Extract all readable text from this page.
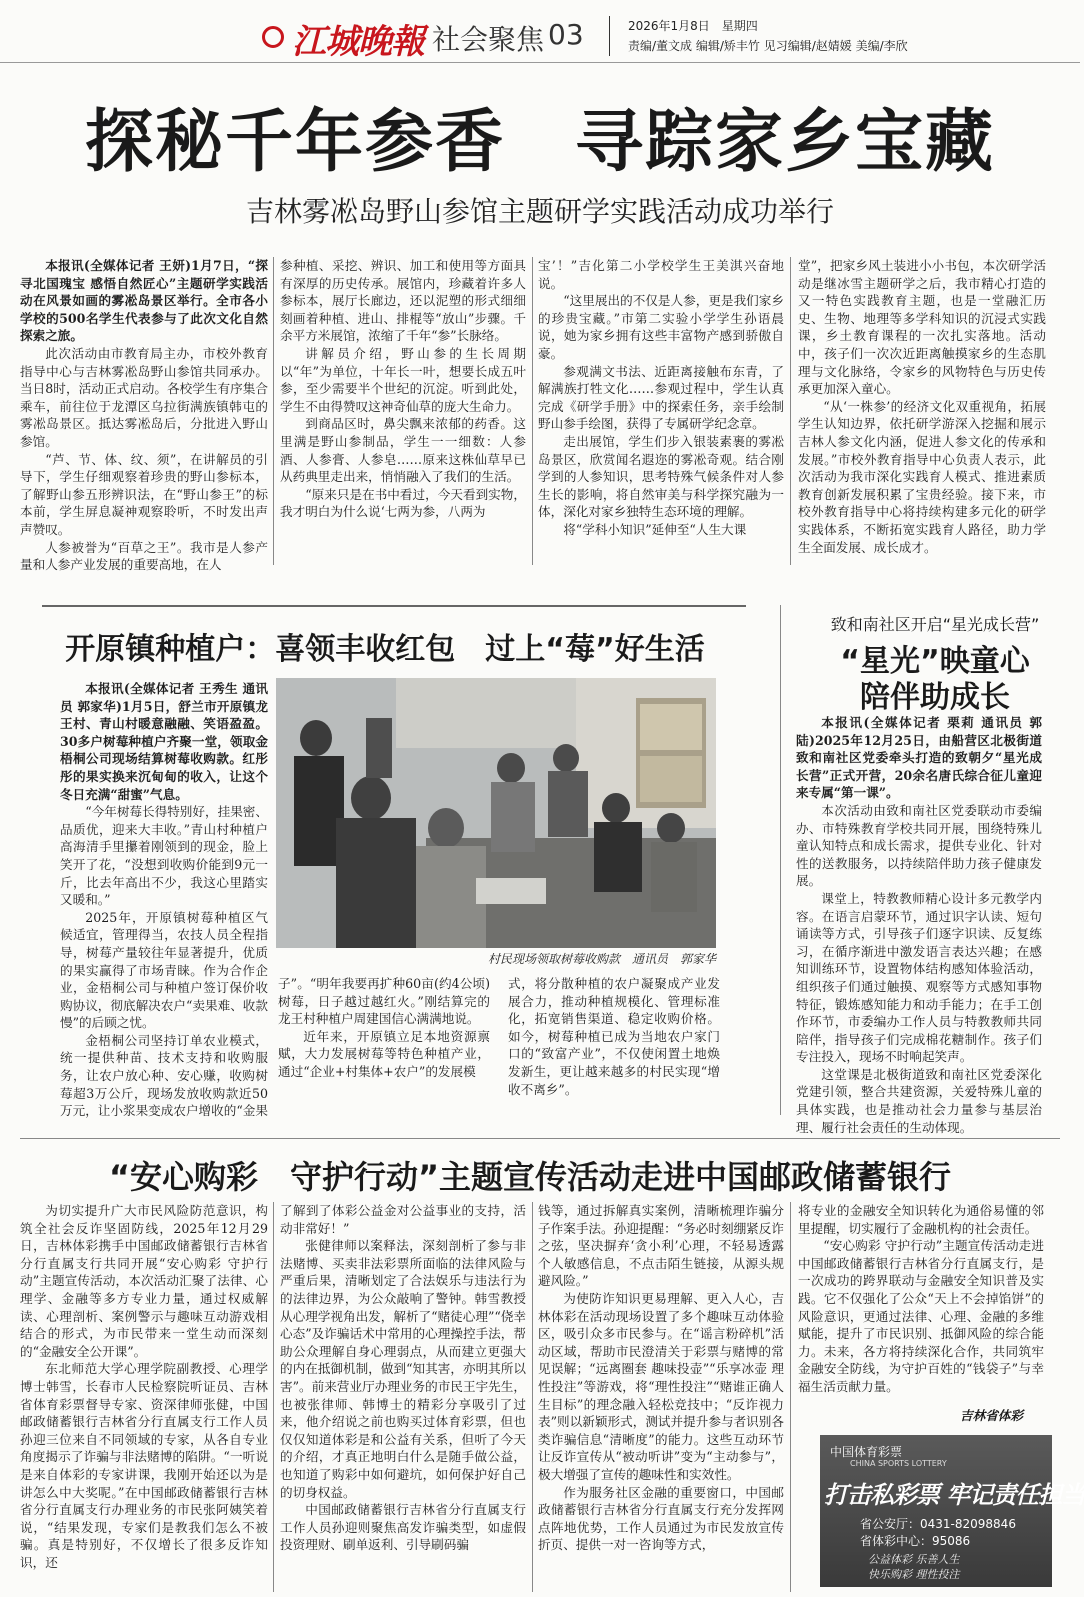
江城晚報 社会聚焦 03	2026年1月8日　星期四
责编/董文成 编辑/矫丰竹 见习编辑/赵婧媛 美编/李欣
探秘千年参香　寻踪家乡宝藏
吉林雾凇岛野山参馆主题研学实践活动成功举行

本报讯(全媒体记者 王妍)1月7日，“探寻北国瑰宝 感悟自然匠心”主题研学实践活动在风景如画的雾凇岛景区举行。全市各小学校的500名学生代表参与了此次文化自然探索之旅。

此次活动由市教育局主办，市校外教育指导中心与吉林雾凇岛野山参馆共同承办。当日8时，活动正式启动。各校学生有序集合乘车，前往位于龙潭区乌拉街满族镇韩屯的雾凇岛景区。抵达雾凇岛后，分批进入野山参馆。

“芦、节、体、纹、须”，在讲解员的引导下，学生仔细观察着珍贵的野山参标本，了解野山参五形辨识法，在“野山参王”的标本前，学生屏息凝神观察聆听，不时发出声声赞叹。

人参被誉为“百草之王”。我市是人参产量和人参产业发展的重要高地，在人

参种植、采挖、辨识、加工和使用等方面具有深厚的历史传承。展馆内，珍藏着许多人参标本，展厅长廊边，还以泥塑的形式细细刻画着种植、进山、排棍等“放山”步骤。千余平方米展馆，浓缩了千年“参”长脉络。

讲解员介绍，野山参的生长周期以“年”为单位，十年长一叶，想要长成五叶参，至少需要半个世纪的沉淀。听到此处，学生不由得赞叹这神奇仙草的庞大生命力。

到商品区时，鼻尖飘来浓郁的药香。这里满是野山参制品，学生一一细数：人参酒、人参膏、人参皂……原来这株仙草早已从药典里走出来，悄悄融入了我们的生活。

“原来只是在书中看过，今天看到实物，我才明白为什么说‘七两为参，八两为

宝’！”吉化第二小学校学生王美淇兴奋地说。

“这里展出的不仅是人参，更是我们家乡的珍贵宝藏。”市第二实验小学学生孙语晨说，她为家乡拥有这些丰富物产感到骄傲自豪。

参观满文书法、近距离接触布东青，了解满族打牲文化……参观过程中，学生认真完成《研学手册》中的探索任务，亲手绘制野山参手绘图，获得了专属研学纪念章。

走出展馆，学生们步入银装素裹的雾凇岛景区，欣赏闻名遐迩的雾凇奇观。结合刚学到的人参知识，思考特殊气候条件对人参生长的影响，将自然审美与科学探究融为一体，深化对家乡独特生态环境的理解。

将“学科小知识”延伸至“人生大课

堂”，把家乡风土装进小小书包，本次研学活动是继冰雪主题研学之后，我市精心打造的又一特色实践教育主题，也是一堂融汇历史、生物、地理等多学科知识的沉浸式实践课，乡土教育课程的一次扎实落地。活动中，孩子们一次次近距离触摸家乡的生态肌理与文化脉络，令家乡的风物特色与历史传承更加深入童心。

“从‘一株参’的经济文化双重视角，拓展学生认知边界，依托研学游深入挖掘和展示吉林人参文化内涵，促进人参文化的传承和发展。”市校外教育指导中心负责人表示，此次活动为我市深化实践育人模式、推进素质教育创新发展积累了宝贵经验。接下来，市校外教育指导中心将持续构建多元化的研学实践体系，不断拓宽实践育人路径，助力学生全面发展、成长成才。

开原镇种植户：喜领丰收红包　过上“莓”好生活

本报讯(全媒体记者 王秀生 通讯员 郭家华)1月5日，舒兰市开原镇龙王村、青山村暖意融融、笑语盈盈。30多户树莓种植户齐聚一堂，领取金梧桐公司现场结算树莓收购款。红彤彤的果实换来沉甸甸的收入，让这个冬日充满“甜蜜”气息。

“今年树莓长得特别好，挂果密、品质优，迎来大丰收。”青山村种植户高海清手里攥着刚领到的现金，脸上笑开了花，“没想到收购价能到9元一斤，比去年高出不少，我这心里踏实又暖和。”

2025年，开原镇树莓种植区气候适宜，管理得当，农技人员全程指导，树莓产量较往年显著提升，优质的果实赢得了市场青睐。作为合作企业，金梧桐公司与种植户签订保价收购协议，彻底解决农户“卖果难、收款慢”的后顾之忧。

金梧桐公司坚持订单农业模式，统一提供种苗、技术支持和收购服务，让农户放心种、安心赚，收购树莓超3万公斤，现场发放收购款近50万元，让小浆果变成农户增收的“金果

村民现场领取树莓收购款　通讯员　郭家华

子”。“明年我要再扩种60亩(约4公顷)树莓，日子越过越红火。”刚结算完的龙王村种植户周建国信心满满地说。

近年来，开原镇立足本地资源禀赋，大力发展树莓等特色种植产业，通过“企业+村集体+农户”的发展模

式，将分散种植的农户凝聚成产业发展合力，推动种植规模化、管理标准化，拓宽销售渠道、稳定收购价格。如今，树莓种植已成为当地农户家门口的“致富产业”，不仅使闲置土地焕发新生，更让越来越多的村民实现“增收不离乡”。

致和南社区开启“星光成长营”
“星光”映童心
陪伴助成长

本报讯(全媒体记者 栗莉 通讯员 郭陆)2025年12月25日，由船营区北极街道致和南社区党委牵头打造的致朝夕“星光成长营”正式开营，20余名唐氏综合征儿童迎来专属“第一课”。

本次活动由致和南社区党委联动市委编办、市特殊教育学校共同开展，围绕特殊儿童认知特点和成长需求，提供专业化、针对性的送教服务，以持续陪伴助力孩子健康发展。

课堂上，特教教师精心设计多元教学内容。在语言启蒙环节，通过识字认读、短句诵读等方式，引导孩子们逐字识读、反复练习，在循序渐进中激发语言表达兴趣；在感知训练环节，设置物体结构感知体验活动，组织孩子们通过触摸、观察等方式感知事物特征，锻炼感知能力和动手能力；在手工创作环节，市委编办工作人员与特教教师共同陪伴，指导孩子们完成棉花糖制作。孩子们专注投入，现场不时响起笑声。

这堂课是北极街道致和南社区党委深化党建引领，整合共建资源，关爱特殊儿童的具体实践，也是推动社会力量参与基层治理、履行社会责任的生动体现。

“安心购彩　守护行动”主题宣传活动走进中国邮政储蓄银行

为切实提升广大市民风险防范意识，构筑全社会反诈坚固防线，2025年12月29日，吉林体彩携手中国邮政储蓄银行吉林省分行直属支行共同开展“安心购彩 守护行动”主题宣传活动，本次活动汇聚了法律、心理学、金融等多方专业力量，通过权威解读、心理剖析、案例警示与趣味互动游戏相结合的形式，为市民带来一堂生动而深刻的“金融安全公开课”。

东北师范大学心理学院副教授、心理学博士韩雪，长春市人民检察院听证员、吉林省体育彩票督导专家、资深律师张健，中国邮政储蓄银行吉林省分行直属支行工作人员孙迎三位来自不同领域的专家，从各自专业角度揭示了诈骗与非法赌博的陷阱。“一听说是来自体彩的专家讲课，我刚开始还以为是讲怎么中大奖呢。”在中国邮政储蓄银行吉林省分行直属支行办理业务的市民张阿姨笑着说，“结果发现，专家们是教我们怎么不被骗。真是特别好，不仅增长了很多反诈知识，还

了解到了体彩公益金对公益事业的支持，活动非常好！”

张健律师以案释法，深刻剖析了参与非法赌博、买卖非法彩票所面临的法律风险与严重后果，清晰划定了合法娱乐与违法行为的法律边界，为公众敲响了警钟。韩雪教授从心理学视角出发，解析了“赌徒心理”“侥幸心态”及诈骗话术中常用的心理操控手法，帮助公众理解自身心理弱点，从而建立更强大的内在抵御机制，做到“知其害，亦明其所以害”。前来营业厅办理业务的市民王宇先生，也被张律师、韩博士的精彩分享吸引了过来，他介绍说之前也购买过体育彩票，但也仅仅知道体彩是和公益有关系，但听了今天的介绍，才真正地明白什么是随手做公益，也知道了购彩中如何避坑，如何保护好自己的切身权益。

中国邮政储蓄银行吉林省分行直属支行工作人员孙迎则聚焦高发诈骗类型，如虚假投资理财、刷单返利、引导刷码骗

钱等，通过拆解真实案例，清晰梳理诈骗分子作案手法。孙迎提醒：“务必时刻绷紧反诈之弦，坚决摒弃‘贪小利’心理，不轻易透露个人敏感信息，不点击陌生链接，从源头规避风险。”

为使防诈知识更易理解、更入人心，吉林体彩在活动现场设置了多个趣味互动体验区，吸引众多市民参与。在“谣言粉碎机”活动区域，帮助市民澄清关于彩票与赌博的常见误解；“远离圈套 趣味投壶”“乐享冰壶 理性投注”等游戏，将“理性投注”“赌谁正确人生目标”的理念融入轻松竞技中；“反诈视力表”则以新颖形式，测试并提升参与者识别各类诈骗信息“清晰度”的能力。这些互动环节让反诈宣传从“被动听讲”变为“主动参与”，极大增强了宣传的趣味性和实效性。

作为服务社区金融的重要窗口，中国邮政储蓄银行吉林省分行直属支行充分发挥网点阵地优势，工作人员通过为市民发放宣传折页、提供一对一咨询等方式，

将专业的金融安全知识转化为通俗易懂的邻里提醒，切实履行了金融机构的社会责任。

“安心购彩 守护行动”主题宣传活动走进中国邮政储蓄银行吉林省分行直属支行，是一次成功的跨界联动与金融安全知识普及实践。它不仅强化了公众“天上不会掉馅饼”的风险意识，更通过法律、心理、金融的多维赋能，提升了市民识别、抵御风险的综合能力。未来，各方将持续深化合作，共同筑牢金融安全防线，为守护百姓的“钱袋子”与幸福生活贡献力量。

吉林省体彩
中国体育彩票
CHINA SPORTS LOTTERY
打击私彩票 牢记责任担当
省公安厅：0431-82098846
省体彩中心：95086
公益体彩 乐善人生
快乐购彩 理性投注
